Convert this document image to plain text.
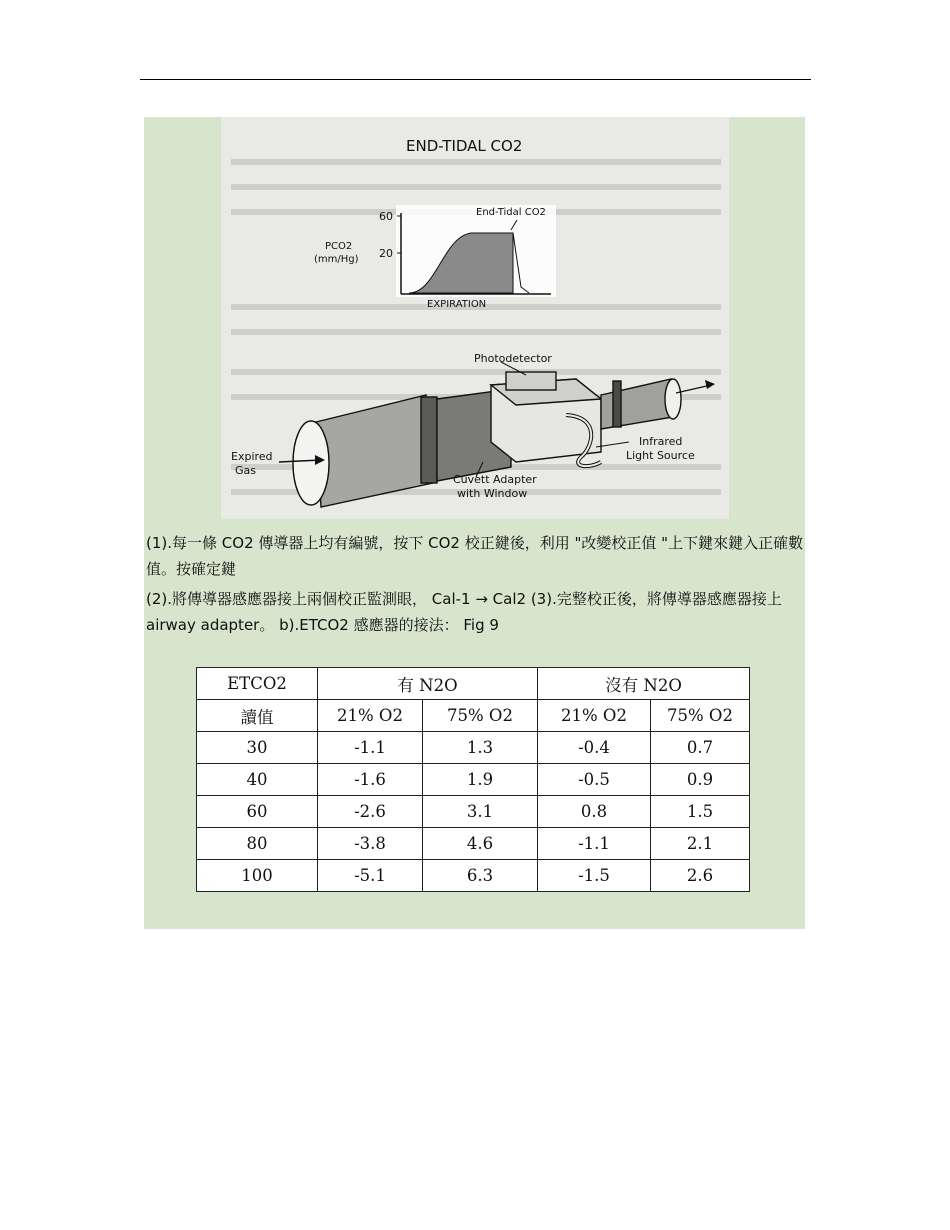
END-TIDAL CO2
60
20
PCO2
(mm/Hg)
End-Tidal CO2
EXPIRATION
Photodetector
Infrared
Light Source
Expired
Gas
Cuvett Adapter
with Window
(1).每一條 CO2 傳導器上均有編號，按下 CO2 校正鍵後，利用 "改變校正值 "上下鍵來鍵入正確數值。按確定鍵
(2).將傳導器感應器接上兩個校正監測眼， Cal-1 → Cal2 (3).完整校正後，將傳導器感應器接上 airway adapter。 b).ETCO2 感應器的接法： Fig 9
ETCO2	有 N2O		沒有 N2O	
讀值	21% O2	75% O2	21% O2	75% O2
30	-1.1	1.3	-0.4	0.7
40	-1.6	1.9	-0.5	0.9
60	-2.6	3.1	0.8	1.5
80	-3.8	4.6	-1.1	2.1
100	-5.1	6.3	-1.5	2.6
